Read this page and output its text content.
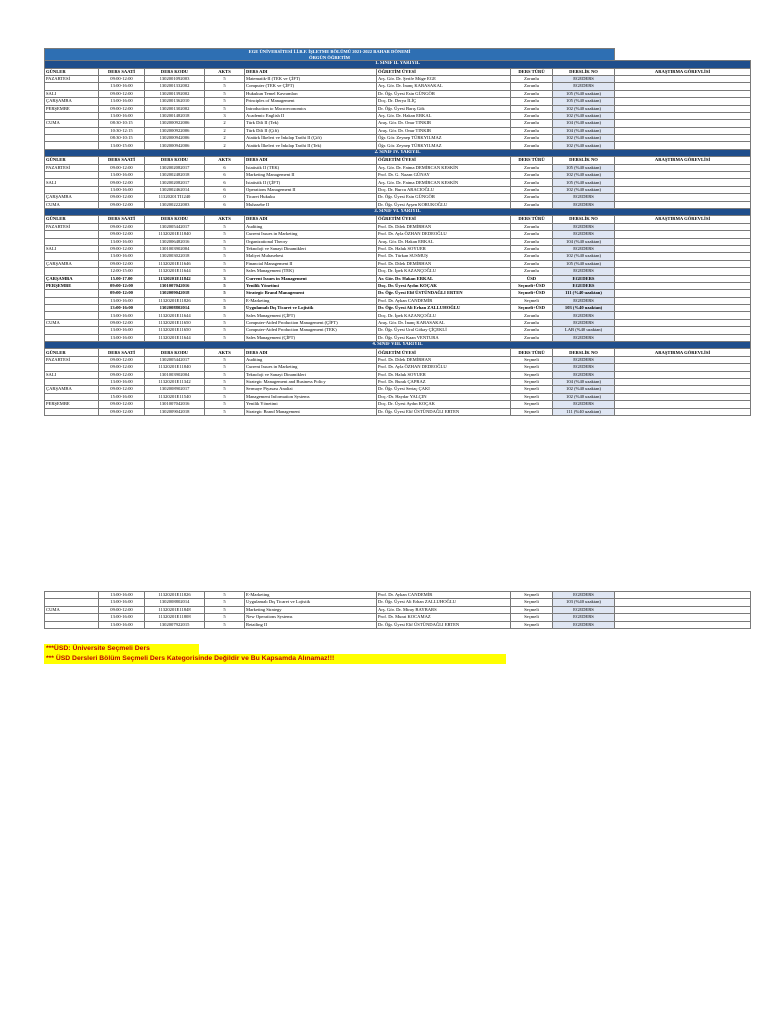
EGE ÜNİVERSİTESİ İ.İ.B.F. İŞLETME BÖLÜMÜ 2021-2022 BAHAR DÖNEMİ
ÖRGÜN ÖĞRETİM								

1. SINIF II. YARIYIL								
GÜNLER	DERS SAATİ	DERS KODU	AKTS	DERS ADI	ÖĞRETİM ÜYESİ	DERS TÜRÜ	DERSLİK NO	ARAŞTIRMA GÖREVLİSİ
PAZARTESİ	09:00-12:00	1302001092003	5	Matematik-II (TEK ve ÇİFT)	Arş. Gör. Dr. Şerife Müge EGE	Zorunlu	EGEDERS	
	13:00-16:00	1302001332002	5	Computer (TEK ve ÇİFT)	Arş. Gör. Dr. İnanç KABASAKAL	Zorunlu	EGEDERS	
SALI	09:00-12:00	1302001392002	5	Hukukun Temel Kavramları	Dr. Öğr. Üyesi Esin GÜNGÖR	Zorunlu	105 (%40 uzaktan)	
ÇARŞAMBA	13:00-16:00	1302001362010	5	Principles of Management	Doç. Dr. Derya İLİÇ	Zorunlu	105 (%40 uzaktan)	
PERŞEMBE	09:00-12:00	1302001302002	5	Introduction to Macroeconomics	Dr. Öğr. Üyesi Barış Gök	Zorunlu	102 (%40 uzaktan)	
	13:00-16:00	1302001482018	3	Academic English II	Arş. Gör. Dr. Hakan ERKAL	Zorunlu	102 (%40 uzaktan)	
CUMA	08:30-10:15	1302000922006	2	Türk Dili II (Tek)	Araş. Gör. Dr. Onur TINKIR	Zorunlu	104 (%40 uzaktan)	
	10:30-12:15	1302000922006	2	Türk Dili II (Çift)	Araş. Gör. Dr. Onur TINKIR	Zorunlu	104 (%40 uzaktan)	
	08:30-10:15	1302000942006	2	Atatürk İlkeleri ve İnkılap Tarihi II (Çift)	Öğr. Gör. Zeynep TÜRKYILMAZ	Zorunlu	102 (%40 uzaktan)	
	13:00-15:00	1302000942006	2	Atatürk İlkeleri ve İnkılap Tarihi II (Tek)	Öğr. Gör. Zeynep TÜRKYILMAZ	Zorunlu	102 (%40 uzaktan)	
2. SINIF IV. YARIYIL								
GÜNLER	DERS SAATİ	DERS KODU	AKTS	DERS ADI	ÖĞRETİM ÜYESİ	DERS TÜRÜ	DERSLİK NO	ARAŞTIRMA GÖREVLİSİ
PAZARTESİ	09:00-12:00	1302002082017	6	Istatistik II (TEK)	Arş. Gör. Dr. Fatma DEMİRCAN KESKİN	Zorunlu	105 (%40 uzaktan)	
	13:00-16:00	1302002482018	6	Marketing Management II	Prof. Dr. G. Nazan GÜNAY	Zorunlu	102 (%40 uzaktan)	
SALI	09:00-12:00	1302002082017	6	Istatistik II (ÇİFT)	Arş. Gör. Dr. Fatma DEMİRCAN KESKİN	Zorunlu	105 (%40 uzaktan)	
	13:00-16:00	1302002462014	6	Operations Management II	Doç. Dr. Burcu ARACIOĞLU	Zorunlu	102 (%40 uzaktan)	
ÇARŞAMBA	09:00-12:00	11320201TI1240	0	Ticaret Hukuku	Dr. Öğr. Üyesi Esin GÜNGÖR	Zorunlu	EGEDERS	
CUMA	09:00-12:00	1302002222003	6	Muhasebe II	Dr. Öğr. Üyesi Ayşen KORUKOĞLU	Zorunlu	EGEDERS	
3. SINIF VI. YARIYIL								
GÜNLER	DERS SAATİ	DERS KODU	AKTS	DERS ADI	ÖĞRETİM ÜYESİ	DERS TÜRÜ	DERSLİK NO	ARAŞTIRMA GÖREVLİSİ
PAZARTESİ	09:00-12:00	1302005442017	5	Auditing	Prof. Dr. Dilek DEMİRHAN	Zorunlu	EGEDERS	
	09:00-12:00	11320201E11840	5	Current Issues in Marketing	Prof. Dr. Ayla ÖZHAN DEDEOĞLU	Zorunlu	EGEDERS	
	13:00-16:00	1302006482016	5	Organizational Theory	Araş. Gör. Dr. Hakan ERKAL	Zorunlu	104 (%40 uzaktan)	
SALI	09:00-12:00	1301003902004	5	Teknoloji ve Sanayi Dinamikleri	Prof. Dr. Haluk SOYUER	Zorunlu	EGEDERS	
	13:00-16:00	1302003022018	5	Maliyet Muhasebesi	Prof. Dr. Türkan SUSMUŞ	Zorunlu	102 (%40 uzaktan)	
ÇARŞAMBA	09:00-12:00	11320201E11646	5	Financial Management II	Prof. Dr. Dilek DEMİRHAN	Zorunlu	105 (%40 uzaktan)	
	12:00-15:00	11320201E11644	5	Sales Management (TEK)	Doç. Dr. İpek KAZANÇOĞLU	Zorunlu	EGEDERS	
ÇARŞAMBA	15.00-17.00	11320201E11842	3	Current Issues in Management	Ar. Gör. Dr. Hakan ERKAL	ÜSD	EGEDERS	
PERŞEMBE	09:00-12:00	1301007042016	5	Yenilik Yönetimi	Doç. Dr. Üyesi Aydın KOÇAK	Seçmeli+ÜSD	EGEDERS	
	09:00-12:00	1302009042018	5	Strategic Brand Management	Dr. Öğr. Üyesi Elif ÜSTÜNDAĞLI ERTEN	Seçmeli+ÜSD	111 (%40 uzaktan)	
	13:00-16:00	11320201E11826	5	E-Marketing	Prof. Dr. Aykan CANDEMİR	Seçmeli	EGEDERS	
	13:00-16:00	1302008802014	5	Uygulamalı Dış Ticaret ve Lojistik	Dr. Öğr. Üyesi Ali Erhan ZALLUHOĞLU	Seçmeli+ÜSD	103 (%40 uzaktan)	
	13:00-16:00	11320201E11644	5	Sales Management (ÇİFT)	Doç. Dr. İpek KAZANÇOĞLU	Zorunlu	EGEDERS	
CUMA	09:00-12:00	11320201E11650	5	Computer-Aided Production Management (ÇİFT)	Araş. Gör. Dr. İnanç KABASAKAL	Zorunlu	EGEDERS	
	13:00-16:00	11320201E11650	5	Computer-Aided Production Management (TEK)	Dr. Öğr. Üyesi Ural Gökay ÇİÇEKLİ	Zorunlu	LAB (%40 uzaktan)	
	13:00-16:00	11320201E11644	5	Sales Management (ÇİFT)	Dr. Öğr. Üyesi Kaan VENTURA	Zorunlu	EGEDERS	
4. SINIF VIII. YARIYIL								
GÜNLER	DERS SAATİ	DERS KODU	AKTS	DERS ADI	ÖĞRETİM ÜYESİ	DERS TÜRÜ	DERSLİK NO	ARAŞTIRMA GÖREVLİSİ
PAZARTESİ	09:00-12:00	1302005442017	5	Auditing	Prof. Dr. Dilek DEMİRHAN	Seçmeli	EGEDERS	
	09:00-12:00	11320201E11840	5	Current Issues in Marketing	Prof. Dr. Ayla ÖZHAN DEDEOĞLU	Seçmeli	EGEDERS	
SALI	09:00-12:00	1301003902004	5	Teknoloji ve Sanayi Dinamikleri	Prof. Dr. Haluk SOYUER	Seçmeli	EGEDERS	
	13:00-16:00	11320201E11342	5	Strategic Management and Business Policy	Prof. Dr. Burak ÇAPRAZ	Seçmeli	104 (%40 uzaktan)	
ÇARŞAMBA	09:00-12:00	1302008902017	5	Sermaye Piyasası Analizi	Dr. Öğr. Üyesi Sertaç ÇAKI	Seçmeli	102 (%40 uzaktan)	
	15:00-16:00	11320201E11540	5	Management Information Systems	Doç.-Dr. Haydar YALÇIN	Seçmeli	102 (%40 uzaktan)	
PERŞEMBE	09:00-12:00	1301007042016	5	Yenilik Yönetimi	Doç. Dr. Üyesi Aydın KOÇAK	Seçmeli	EGEDERS	
	09:00-12:00	1302009042018	5	Strategic Brand Management	Dr. Öğr. Üyesi Elif ÜSTÜNDAĞLI ERTEN	Seçmeli	111 (%40 uzaktan)	
	13:00-16:00	11320201E11826	5	E-Marketing	Prof. Dr. Aykan CANDEMİR	Seçmeli	EGEDERS	
	13:00-16:00	1302008802014	5	Uygulamalı Dış Ticaret ve Lojistik	Dr. Öğr. Üyesi Ali Erhan ZALLUHOĞLU	Seçmeli	103 (%40 uzaktan)	
CUMA	09:00-12:00	11320201E11848	5	Marketing Strategy	Arş. Gör. Dr. Miray BAYBARS	Seçmeli	EGEDERS	
	13:00-16:00	11320201E11808	5	New Operations Systems	Prof. Dr. Murat KOCAMAZ	Seçmeli	EGEDERS	
	13:00-16:00	1302007922015	5	Retailing II	Dr. Öğr. Üyesi Elif ÜSTÜNDAĞLI ERTEN	Seçmeli	EGEDERS	
***ÜSD: Üniversite Seçmeli Ders
*** ÜSD Dersleri Bölüm Seçmeli Ders Kategorisinde Değildir ve Bu Kapsamda Alınamaz!!!
